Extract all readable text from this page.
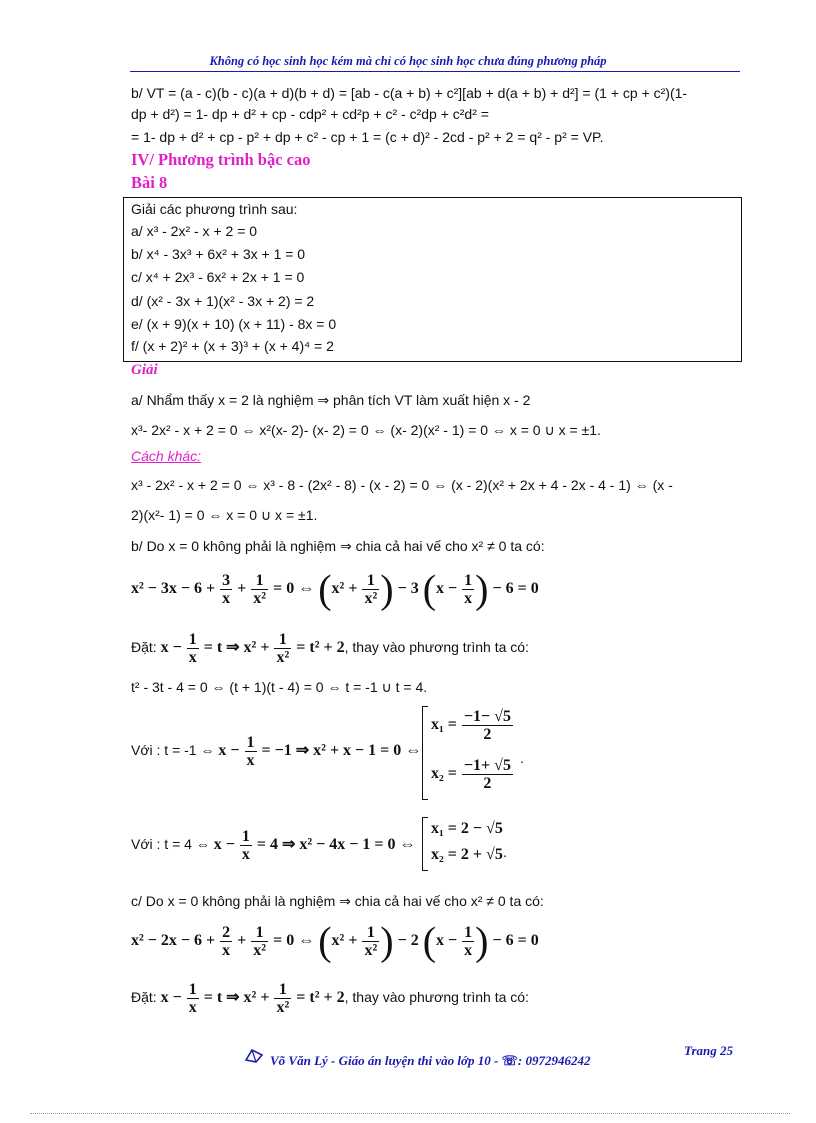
Không có học sinh học kém mà chỉ có học sinh học chưa đúng phương pháp
b/ VT = (a - c)(b - c)(a + d)(b + d) = [ab - c(a + b) + c²][ab + d(a + b) + d²] = (1 + cp + c²)(1-
dp + d²) = 1- dp + d² + cp - cdp² + cd²p + c² - c²dp + c²d² =
= 1- dp + d² + cp - p² + dp + c² - cp + 1 = (c + d)² - 2cd - p² + 2 = q² - p² = VP.
IV/ Phương trình bậc cao
Bài 8
Giải các phương trình sau:
a/ x³ - 2x² - x + 2 = 0
b/ x⁴ - 3x³ + 6x² + 3x + 1 = 0
c/ x⁴ + 2x³ - 6x² + 2x + 1 = 0
d/ (x² - 3x + 1)(x² - 3x + 2) = 2
e/ (x + 9)(x + 10) (x + 11) - 8x = 0
f/ (x + 2)² + (x + 3)³ + (x + 4)⁴ = 2
Giải
a/ Nhẩm thấy x = 2 là nghiệm ⇒ phân tích VT làm xuất hiện x - 2
x³- 2x² - x + 2 = 0 ⇔ x²(x- 2)- (x- 2) = 0 ⇔ (x- 2)(x² - 1) = 0 ⇔ x = 0 ∪ x = ±1.
Cách khác:
x³ - 2x² - x + 2 = 0 ⇔ x³ - 8 - (2x² - 8) - (x - 2) = 0 ⇔ (x - 2)(x² + 2x + 4 - 2x - 4 - 1) ⇔ (x -
2)(x²- 1) = 0 ⇔ x = 0 ∪ x = ±1.
b/ Do x = 0 không phải là nghiệm ⇒ chia cả hai vế cho x² ≠ 0 ta có:
$x^2 - 3x - 6 + \frac{3}{x} + \frac{1}{\text{x²}} = 0$ ⇔ ($x^2 + \frac{1}{\text{x²}}$ ) − 3 ($x - \frac{1}{x}$ ) − 6 = 0
Đặt: $x - \frac{1}{x} = t$ ⇒ $x^2 + \frac{1}{\text{x²}} = t^2 + 2$, thay vào phương trình ta có:
t² - 3t - 4 = 0 ⇔ (t + 1)(t - 4) = 0 ⇔ t = -1 ∪ t = 4.
Với : t = -1 ⇔ $x - \frac{1}{x} = -1$ ⇒ x² + x − 1 = 0 ⇔
$x_1 = \frac{-1- √5}{2}$
$x_2 = \frac{-1+ √5}{2}$ .
Với : t = 4 ⇔ $x - \frac{1}{x} = 4$ ⇒ x² − 4x − 1 = 0 ⇔
x₁ = 2 − √5
x₂ = 2 + √5 .
c/ Do x = 0 không phải là nghiệm ⇒ chia cả hai vế cho x² ≠ 0 ta có:
$x^2 - 2x - 6 + \frac{2}{x} + \frac{1}{\text{x²}} = 0$ ⇔ ($x^2 + \frac{1}{\text{x²}}$ ) − 2 ($x - \frac{1}{x}$ ) − 6 = 0
Đặt: $x - \frac{1}{x} = t$ ⇒ $x^2 + \frac{1}{\text{x²}} = t^2 + 2$, thay vào phương trình ta có:
Võ Văn Lý - Giáo án luyện thi vào lớp 10 - ☏: 0972946242
Trang 25
